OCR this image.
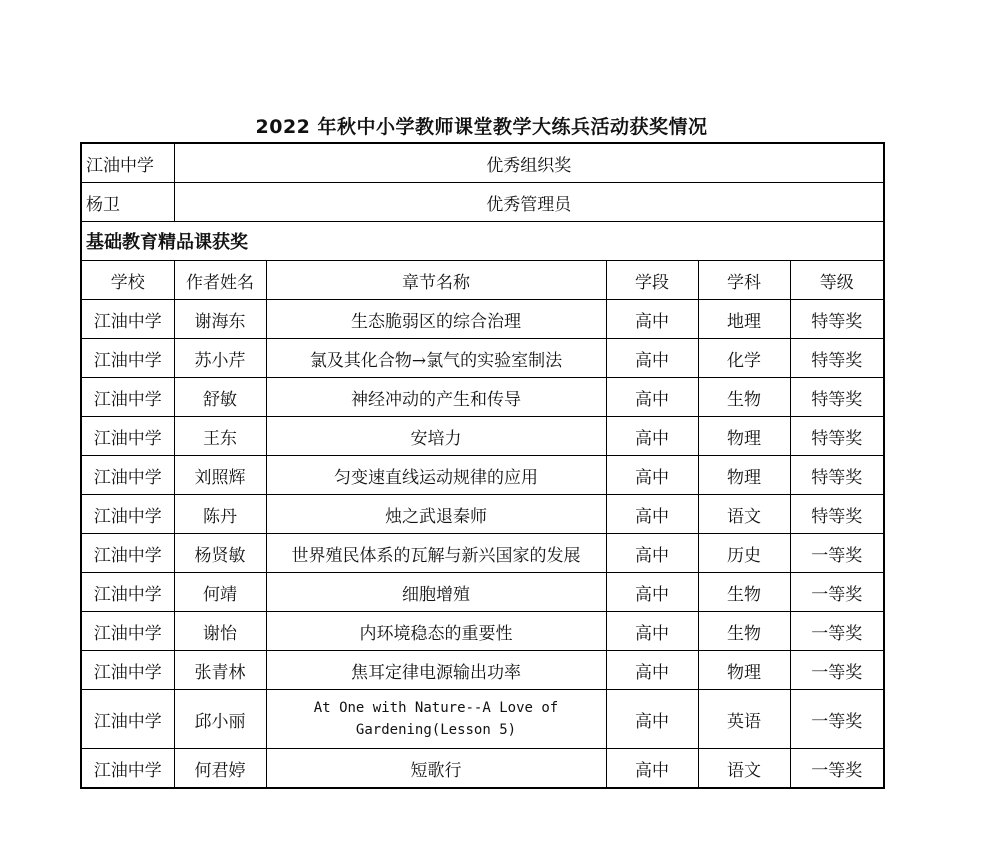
2022 年秋中小学教师课堂教学大练兵活动获奖情况
江油中学	优秀组织奖				
杨卫	优秀管理员				
基础教育精品课获奖					
学校	作者姓名	章节名称	学段	学科	等级
江油中学	谢海东	生态脆弱区的综合治理	高中	地理	特等奖
江油中学	苏小芹	氯及其化合物→氯气的实验室制法	高中	化学	特等奖
江油中学	舒敏	神经冲动的产生和传导	高中	生物	特等奖
江油中学	王东	安培力	高中	物理	特等奖
江油中学	刘照辉	匀变速直线运动规律的应用	高中	物理	特等奖
江油中学	陈丹	烛之武退秦师	高中	语文	特等奖
江油中学	杨贤敏	世界殖民体系的瓦解与新兴国家的发展	高中	历史	一等奖
江油中学	何靖	细胞增殖	高中	生物	一等奖
江油中学	谢怡	内环境稳态的重要性	高中	生物	一等奖
江油中学	张青林	焦耳定律电源输出功率	高中	物理	一等奖
江油中学	邱小丽	At One with Nature--A Love of Gardening(Lesson 5)	高中	英语	一等奖
江油中学	何君婷	短歌行	高中	语文	一等奖
